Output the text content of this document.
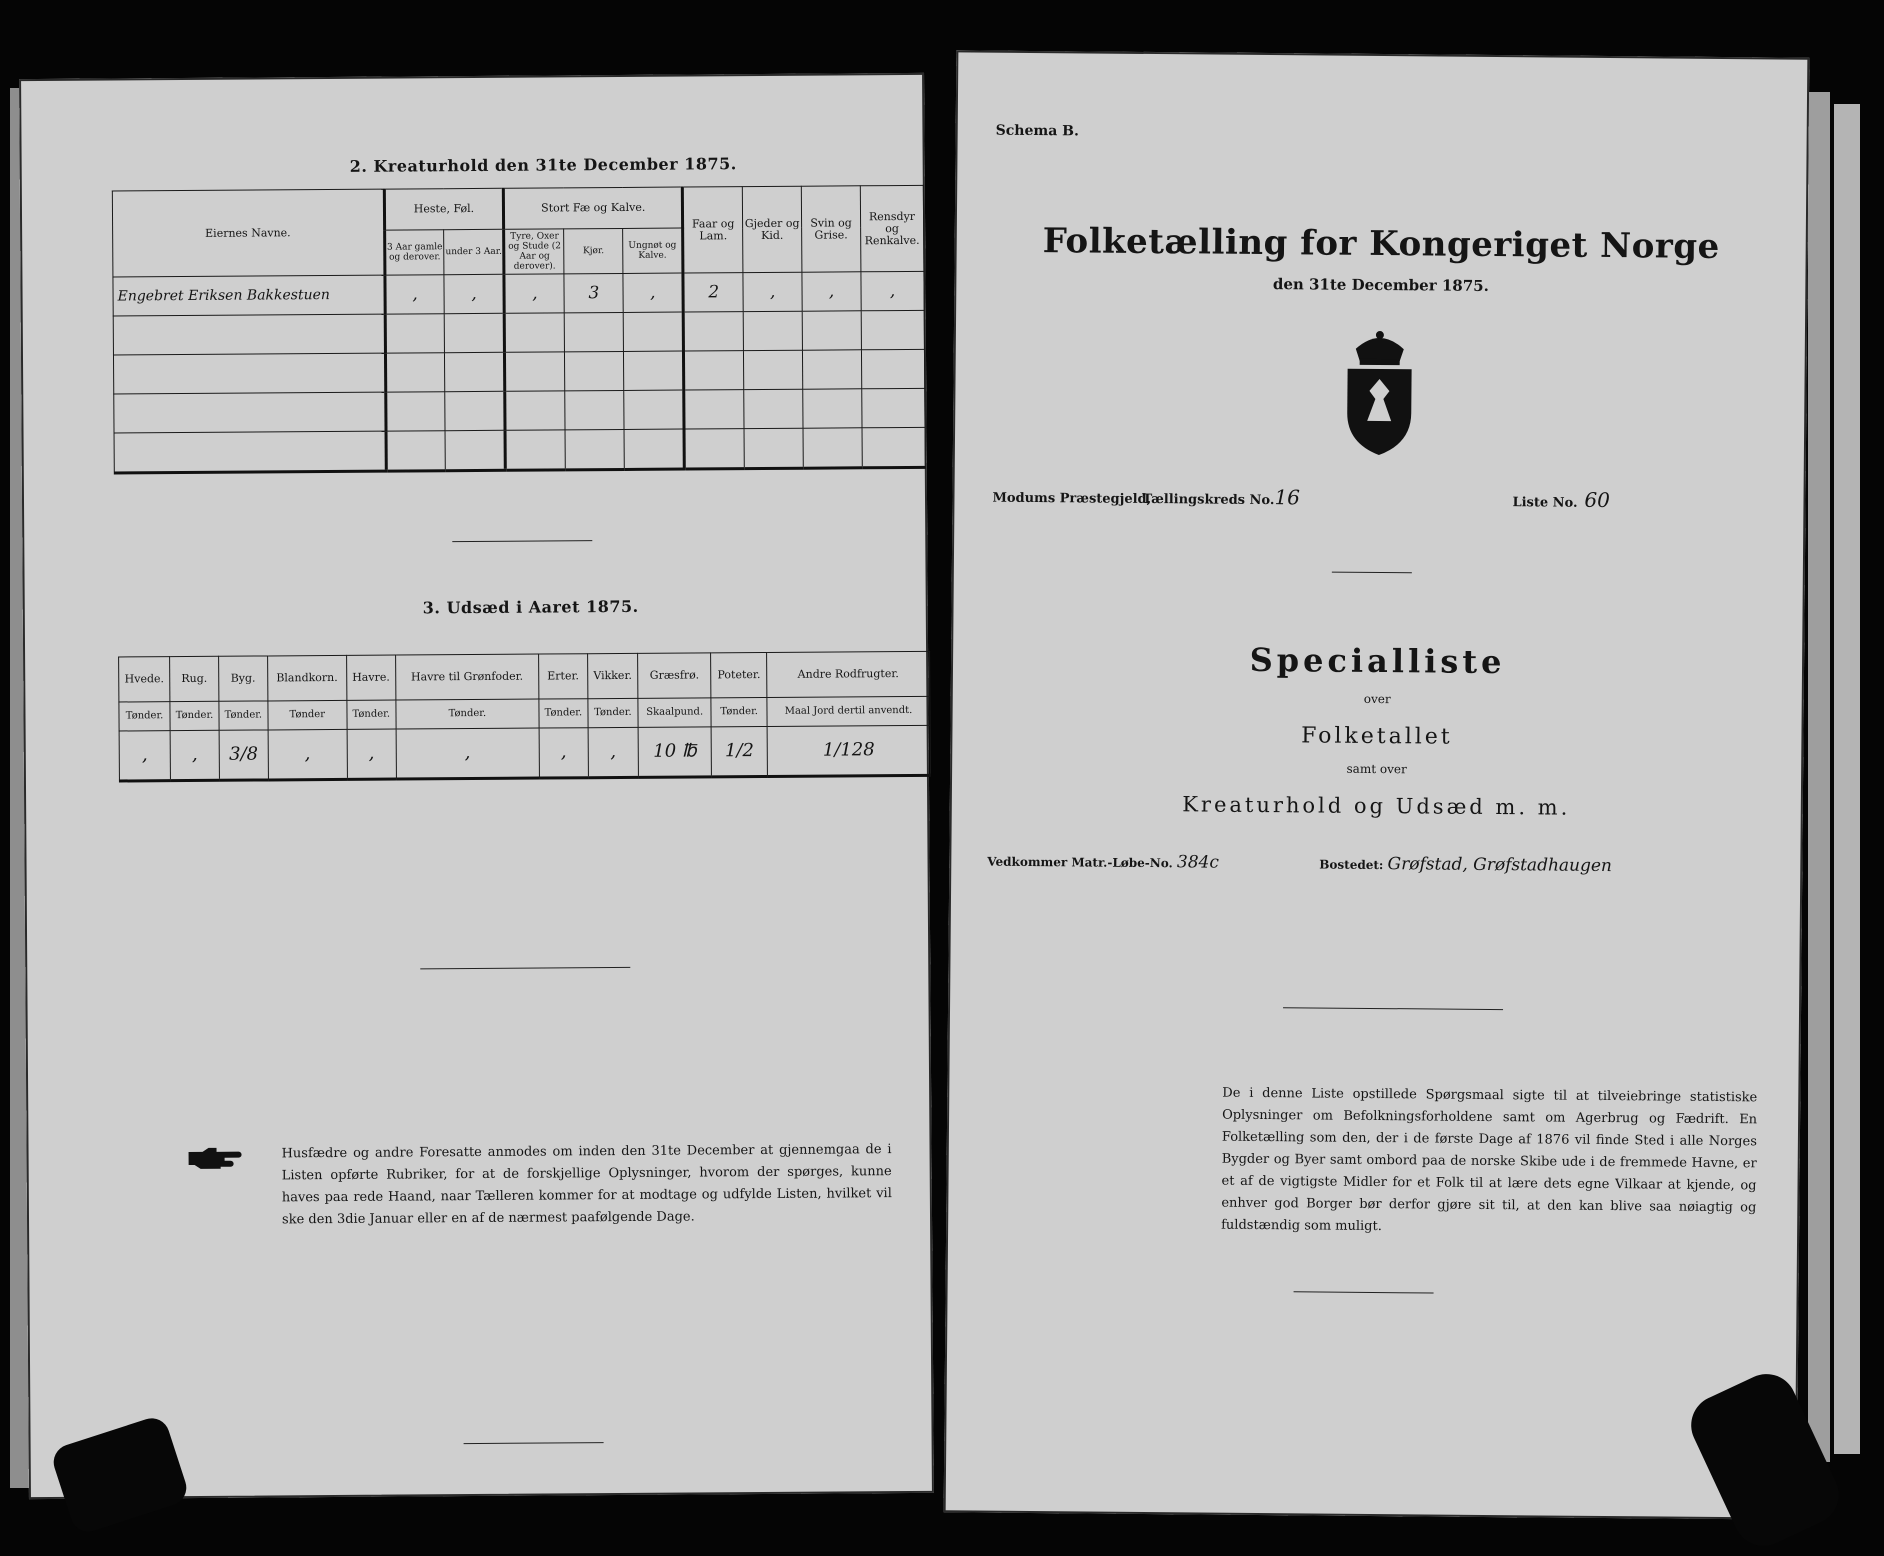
2. Kreaturhold den 31te December 1875.
Eiernes Navne.	Heste, Føl.		Stort Fæ og Kalve.			Faar og Lam.	Gjeder og Kid.	Svin og Grise.	Rensdyr og Renkalve.
	3 Aar gamle og derover.	under 3 Aar.	Tyre, Oxer og Stude (2 Aar og derover).	Kjør.	Ungnøt og Kalve.				
Engebret Eriksen Bakkestuen	,	,	,	3	,	2	,	,	,

3. Udsæd i Aaret 1875.
Hvede.	Rug.	Byg.	Blandkorn.	Havre.	Havre til Grønfoder.	Erter.	Vikker.	Græsfrø.	Poteter.	Andre Rodfrugter.
Tønder.	Tønder.	Tønder.	Tønder	Tønder.	Tønder.	Tønder.	Tønder.	Skaalpund.	Tønder.	Maal Jord dertil anvendt.
,	,	3/8	,	,	,	,	,	10 ℔	1/2	1/128
Husfædre og andre Foresatte anmodes om inden den 31te December at gjennemgaa de i Listen opførte Rubriker, for at de forskjellige Oplysninger, hvorom der spørges, kunne haves paa rede Haand, naar Tælleren kommer for at modtage og udfylde Listen, hvilket vil ske den 3die Januar eller en af de nærmest paafølgende Dage.
Schema B.
Folketælling for Kongeriget Norge
den 31te December 1875.
Modums Præstegjeld,
Tællingskreds No. 16	Liste No. 60
Specialliste
over
Folketallet
samt over
Kreaturhold og Udsæd m. m.
Vedkommer Matr.-Løbe-No. 384c	Bostedet: Grøfstad, Grøfstadhaugen
De i denne Liste opstillede Spørgsmaal sigte til at tilveiebringe statistiske Oplysninger om Befolkningsforholdene samt om Agerbrug og Fædrift. En Folketælling som den, der i de første Dage af 1876 vil finde Sted i alle Norges Bygder og Byer samt ombord paa de norske Skibe ude i de fremmede Havne, er et af de vigtigste Midler for et Folk til at lære dets egne Vilkaar at kjende, og enhver god Borger bør derfor gjøre sit til, at den kan blive saa nøiagtig og fuldstændig som muligt.
